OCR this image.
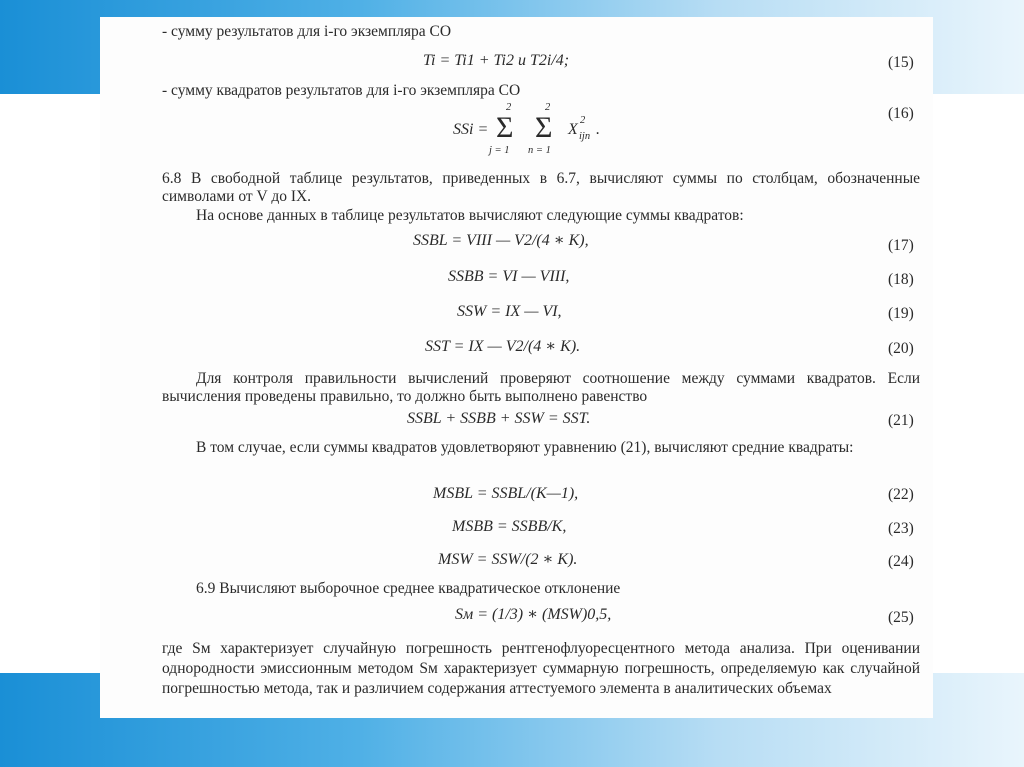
- сумму результатов для i-го экземпляра СО
Ti = Ti1 + Ti2 и T2i/4;	(15)
- сумму квадратов результатов для i-го экземпляра СО
SSi =
2
Σ
j = 1
2
Σ
n = 1
X
2
ijn .
(16)
6.8 В свободной таблице результатов, приведенных в 6.7, вычисляют суммы по столбцам, обозначенные символами от V до IX.
На основе данных в таблице результатов вычисляют следующие суммы квадратов:
SSBL = VIII — V2/(4 ∗ K),	(17)
SSBB = VI — VIII,	(18)
SSW = IX — VI,	(19)
SST = IX — V2/(4 ∗ K).	(20)
Для контроля правильности вычислений проверяют соотношение между суммами квадратов. Если вычисления проведены правильно, то должно быть выполнено равенство
SSBL + SSBB + SSW = SST.	(21)
В том случае, если суммы квадратов удовлетворяют уравнению (21), вычисляют средние квадраты:
MSBL = SSBL/(K—1),	(22)
MSBB = SSBB/K,	(23)
MSW = SSW/(2 ∗ K).	(24)
6.9 Вычисляют выборочное среднее квадратическое отклонение
Sм = (1/3) ∗ (MSW)0,5,	(25)
где Sм характеризует случайную погрешность рентгенофлуоресцентного метода анализа. При оценивании однородности эмиссионным методом Sм характеризует суммарную погрешность, определяемую как случайной погрешностью метода, так и различием содержания аттестуемого элемента в аналитических объемах
